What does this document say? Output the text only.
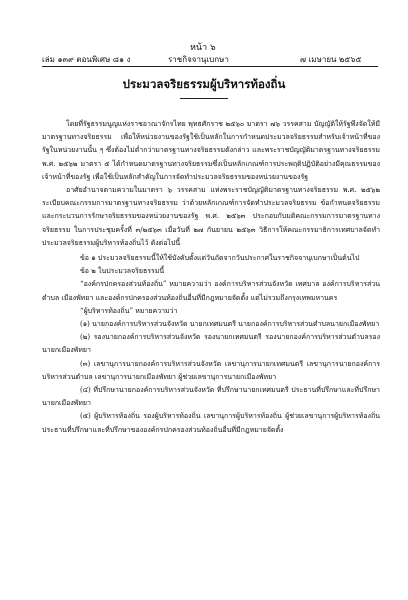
หน้า ๖
เล่ม ๑๓๙ ตอนพิเศษ ๘๑ ง	ราชกิจจานุเบกษา	๗ เมษายน ๒๕๖๕
ประมวลจริยธรรมผู้บริหารท้องถิ่น

โดยที่รัฐธรรมนูญแห่งราชอาณาจักรไทย พุทธศักราช ๒๕๖๐ มาตรา ๗๖ วรรคสาม บัญญัติให้รัฐพึงจัดให้มีมาตรฐานทางจริยธรรม เพื่อให้หน่วยงานของรัฐใช้เป็นหลักในการกำหนดประมวลจริยธรรมสำหรับเจ้าหน้าที่ของรัฐในหน่วยงานนั้น ๆ ซึ่งต้องไม่ต่ำกว่ามาตรฐานทางจริยธรรมดังกล่าว และพระราชบัญญัติมาตรฐานทางจริยธรรม พ.ศ. ๒๕๖๒ มาตรา ๕ ได้กำหนดมาตรฐานทางจริยธรรมซึ่งเป็นหลักเกณฑ์การประพฤติปฏิบัติอย่างมีคุณธรรมของเจ้าหน้าที่ของรัฐ เพื่อใช้เป็นหลักสำคัญในการจัดทำประมวลจริยธรรมของหน่วยงานของรัฐ

อาศัยอำนาจตามความในมาตรา ๖ วรรคสาม แห่งพระราชบัญญัติมาตรฐานทางจริยธรรม พ.ศ. ๒๕๖๒ ระเบียบคณะกรรมการมาตรฐานทางจริยธรรม ว่าด้วยหลักเกณฑ์การจัดทำประมวลจริยธรรม ข้อกำหนดจริยธรรม และกระบวนการรักษาจริยธรรมของหน่วยงานของรัฐ พ.ศ. ๒๕๖๓ ประกอบกับมติคณะกรรมการมาตรฐานทางจริยธรรม ในการประชุมครั้งที่ ๓/๒๕๖๓ เมื่อวันที่ ๒๗ กันยายน ๒๕๖๓ วิธีการให้คณะกรรมาธิการเทศบาลจัดทำประมวลจริยธรรมผู้บริหารท้องถิ่นไว้ ดังต่อไปนี้

ข้อ ๑ ประมวลจริยธรรมนี้ให้ใช้บังคับตั้งแต่วันถัดจากวันประกาศในราชกิจจานุเบกษาเป็นต้นไป

ข้อ ๒ ในประมวลจริยธรรมนี้

“องค์กรปกครองส่วนท้องถิ่น” หมายความว่า องค์การบริหารส่วนจังหวัด เทศบาล องค์การบริหารส่วนตำบล เมืองพัทยา และองค์กรปกครองส่วนท้องถิ่นอื่นที่มีกฎหมายจัดตั้ง แต่ไม่รวมถึงกรุงเทพมหานคร

“ผู้บริหารท้องถิ่น” หมายความว่า

(๑) นายกองค์การบริหารส่วนจังหวัด นายกเทศมนตรี นายกองค์การบริหารส่วนตำบลนายกเมืองพัทยา

(๒) รองนายกองค์การบริหารส่วนจังหวัด รองนายกเทศมนตรี รองนายกองค์การบริหารส่วนตำบลรองนายกเมืองพัทยา

(๓) เลขานุการนายกองค์การบริหารส่วนจังหวัด เลขานุการนายกเทศมนตรี เลขานุการนายกองค์การบริหารส่วนตำบล เลขานุการนายกเมืองพัทยา ผู้ช่วยเลขานุการนายกเมืองพัทยา

(๔) ที่ปรึกษานายกองค์การบริหารส่วนจังหวัด ที่ปรึกษานายกเทศมนตรี ประธานที่ปรึกษาและที่ปรึกษานายกเมืองพัทยา

(๕) ผู้บริหารท้องถิ่น รองผู้บริหารท้องถิ่น เลขานุการผู้บริหารท้องถิ่น ผู้ช่วยเลขานุการผู้บริหารท้องถิ่น ประธานที่ปรึกษาและที่ปรึกษาขององค์กรปกครองส่วนท้องถิ่นอื่นที่มีกฎหมายจัดตั้ง
